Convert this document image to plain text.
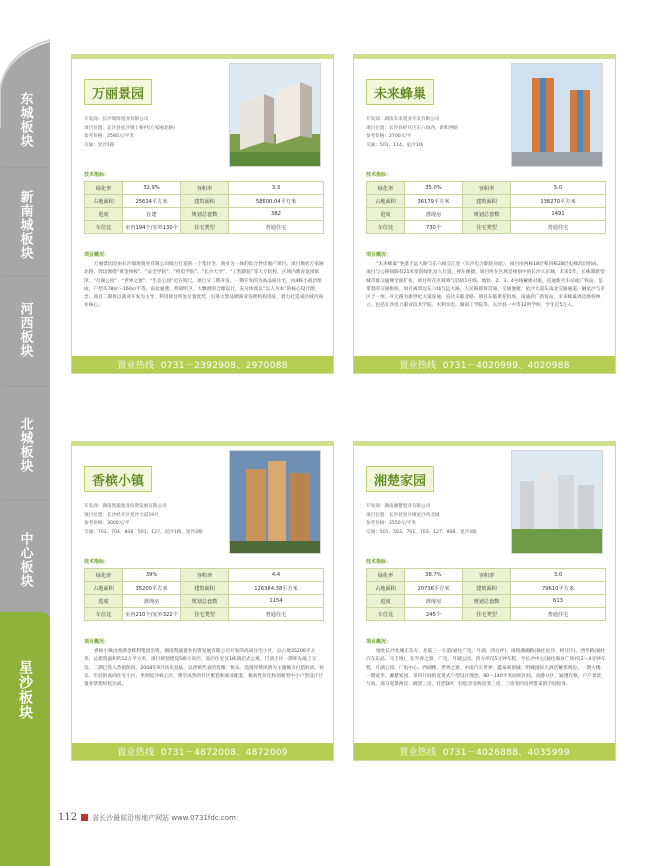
东城板块
新南城板块
河西板块
北城板块
中心板块
星沙板块
万丽景园
开发商：长沙瑞海置业有限公司
项目位置：长沙县星沙镇土桥村(万家丽北路)
参考价格：2580元/平米
交通：星沙1路
技术指标：
绿化率	32.9%	容积率	3.3
占地面积	25614平方米	建筑面积	58600.04平方米
进度	在建	规划总套数	382
车位比	室内194个/室外130个	住宅类型	普通住宅
项目概况：
万丽景园是由长沙瑞海置业有限公司倾力打造的一个集住宅、商业为一体的综合性房地产项目。项目地处万家丽北路，周边围绕“黄金体校”、“安全学院”、“机电学院”、“长沙大学”、“工程职院”等大专院校，区域内教育氛围浓厚。“月湖公园”、“世界之窗”、“生态公园”近在咫尺。项目分二期开发，一期开发的为高品质住宅，由4栋小高层组成，户型从78㎡～160㎡不等，南北通透，明厨明卫，大飘窗的合理设计，充分体现以“以人为本”的核心设计理念。项目二期将以商业开发为主导，利用项目所处位置优势，引进大型品牌商业连锁机构进驻，着力打造成区域内商业核心。
置业热线
0731－2392908、2970088
未来蜂巢
开发商：湖南未来置业开发有限公司
项目位置：长沙县经开区东六线西、新和西路
参考价格：2700元/平
交通：501、114、星沙1线
技术指标：
绿化率	35.0%	容积率	5.0
占地面积	36179平方米	建筑面积	136270平方米
进度	准现房	规划总套数	1491
车位比	730个	住宅类型	普通住宅
项目概况：
“未来蜂巢”坐落于远大路与东六线交汇处（长沙电力职院对面），项目由两栋18层和四栋28层电梯高层组成。项目与公路间隔有21米宽的绿化及人行道，停车便捷。项目所在区域是规划中的长沙大东城，未来5年，长株潭新型城市群交通网全面扩张，项目所在区域将与轻轨1号线、地铁、2、3、4号线紧密对接，直通新火车站或广铁站，是带着的交通枢纽。项目离周边东六线与远大路、人民路即将贯通，交通便捷；星沙大道东南北交通通道，融星沙与市区于一体；开元路为新世纪大道连通，直达关联北路。项目东临黄花机场，南通武广新客站，未来蜂巢周边胜校林立，包括长沙电力职业技术学院、水利水电、湖南工学院等，长沙县一中等12所学校，学生近5万人。
置业热线
0731－4020999、4020988
香槟小镇
开发商：湖南凯迪置业投资发展有限公司
项目位置：长沙经开区星沙大道19号
参考价格：3000元/平
交通：703、704、808、501、127、星沙1路、星沙2路
技术指标：
绿化率	39%	容积率	4.4
占地面积	35200平方米	建筑面积	126384.38平方米
进度	准现房	规划总套数	1154
车位比	室内210个/室外322个	住宅类型	普通住宅
项目概况：
香槟小镇由香港金辉利集团出资，湖南凯迪置业投资发展有限公司开发的高尚住宅小区，总占地35200平方米，总建筑面积约12万平方米，项目规划建设5栋小高层、高层住宅及1栋酒店式公寓，目前小区一期率先竣工交房，二期已进入热销阶段。2008年9月快乐登陆，以香槟代表的优雅、快乐、浪漫异域风情为主题倾力打造时尚、快乐、年轻的高尚住宅小区，坐拥星沙核心区，尊享成熟的社区配套和商业配套，极高性价比和创新型中小户型设计让置业梦想轻松达成。
置业热线
0731－4872008、4872009
湘楚家园
开发商：湖南湘楚置业有限公司
项目位置：长沙县星沙镇星沙西北城
参考价格：2550元/平米
交通：501、503、701、703、127、808、星沙3路
技术指标：
绿化率	38.7%	容积率	3.0
占地面积	20736平方米	建筑面积	79610平方米
进度	准现房	规划总套数	613
车位比	245个	住宅类型	普通住宅
项目概况：
地处长沙北城正东方，北临三一大道(通往广电、月湖、四方坪)，南接湘湘路(通往星沙、经开区)。西至路(通往汽车东站、马王堆)，东至养之窗，广电、月湖公园、四方坪仅5分钟车程，至长沙中心(通往商业广场)仅2～4分钟车程。月湖公园、广电中心、西湖楼、世界之窗、中南汽车世界、鑫泰商贸城、明城国际大酒店紧邻周边。一期大楼、一期爱华、湘楚家园，采用开间的宽景式户型设计理念，90～140平米面积区间，动静分区，通透有格，户户景景，与尚。部分宽景两房，阔景三房，任您DIY，轻松享受两房变三房，三房变四房所带来的空间惊喜。
置业热线
0731－4026888、4035999
112 省长沙最前沿房地产网站 www.0731fdc.com
